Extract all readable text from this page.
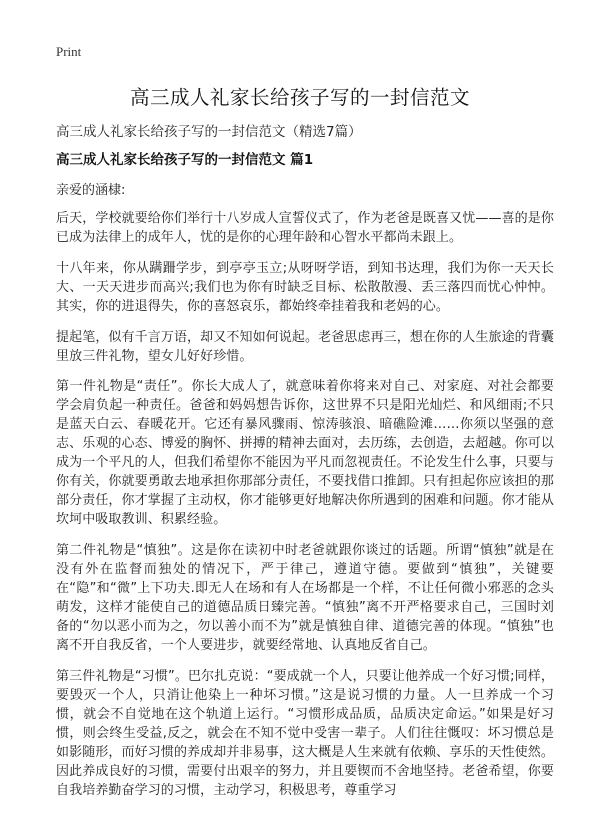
Print
高三成人礼家长给孩子写的一封信范文
高三成人礼家长给孩子写的一封信范文（精选7篇）
高三成人礼家长给孩子写的一封信范文 篇1
亲爱的涵棣:

后天，学校就要给你们举行十八岁成人宣誓仪式了，作为老爸是既喜又忧——喜的是你已成为法律上的成年人，忧的是你的心理年龄和心智水平都尚未跟上。

十八年来，你从蹒跚学步，到亭亭玉立;从呀呀学语，到知书达理，我们为你一天天长大、一天天进步而高兴;我们也为你有时缺乏目标、松散散漫、丢三落四而忧心忡忡。其实，你的进退得失，你的喜怒哀乐，都始终牵挂着我和老妈的心。

提起笔，似有千言万语，却又不知如何说起。老爸思虑再三，想在你的人生旅途的背囊里放三件礼物，望女儿好好珍惜。

第一件礼物是“责任”。你长大成人了，就意味着你将来对自己、对家庭、对社会都要学会肩负起一种责任。爸爸和妈妈想告诉你，这世界不只是阳光灿烂、和风细雨;不只是蓝天白云、春暖花开。它还有暴风骤雨、惊涛骇浪、暗礁险滩……你须以坚强的意志、乐观的心态、博爱的胸怀、拼搏的精神去面对，去历练，去创造，去超越。你可以成为一个平凡的人，但我们希望你不能因为平凡而忽视责任。不论发生什么事，只要与你有关，你就要勇敢去地承担你那部分责任，不要找借口推卸。只有担起你应该担的那部分责任，你才掌握了主动权，你才能够更好地解决你所遇到的困难和问题。你才能从坎坷中吸取教训、积累经验。

第二件礼物是“慎独”。这是你在读初中时老爸就跟你谈过的话题。所谓“慎独”就是在没有外在监督而独处的情况下，严于律己，遵道守德。要做到“慎独”，关键要在“隐”和“微”上下功夫.即无人在场和有人在场都是一个样，不让任何微小邪恶的念头萌发，这样才能使自己的道德品质日臻完善。“慎独”离不开严格要求自己，三国时刘备的“勿以恶小而为之，勿以善小而不为”就是慎独自律、道德完善的体现。“慎独”也离不开自我反省，一个人要进步，就要经常地、认真地反省自己。

第三件礼物是“习惯”。巴尔扎克说：“要成就一个人，只要让他养成一个好习惯;同样，要毁灭一个人，只消让他染上一种坏习惯。”这是说习惯的力量。人一旦养成一个习惯，就会不自觉地在这个轨道上运行。“习惯形成品质，品质决定命运。”如果是好习惯，则会终生受益,反之，就会在不知不觉中受害一辈子。人们往往慨叹：坏习惯总是如影随形，而好习惯的养成却并非易事，这大概是人生来就有依赖、享乐的天性使然。因此养成良好的习惯，需要付出艰辛的努力，并且要锲而不舍地坚持。老爸希望，你要自我培养勤奋学习的习惯，主动学习，积极思考，尊重学习
